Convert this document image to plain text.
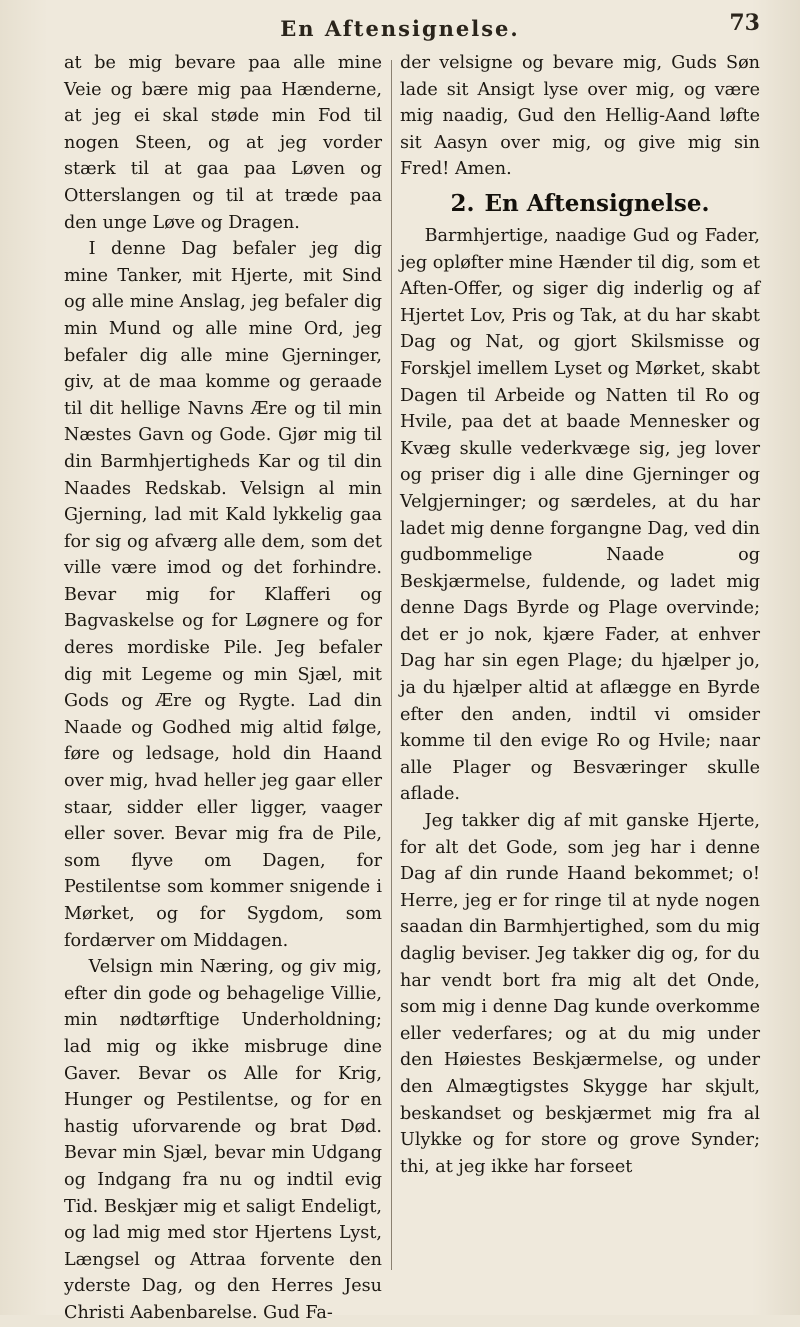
En Aftensignelse.	73

at be mig bevare paa alle mine Veie og bære mig paa Hænderne, at jeg ei skal støde min Fod til nogen Steen, og at jeg vorder stærk til at gaa paa Løven og Otterslangen og til at træde paa den unge Løve og Dragen.

I denne Dag befaler jeg dig mine Tanker, mit Hjerte, mit Sind og alle mine Anslag, jeg befaler dig min Mund og alle mine Ord, jeg befaler dig alle mine Gjerninger, giv, at de maa komme og geraade til dit hellige Navns Ære og til min Næstes Gavn og Gode. Gjør mig til din Barmhjertigheds Kar og til din Naades Redskab. Velsign al min Gjerning, lad mit Kald lykkelig gaa for sig og afværg alle dem, som det ville være imod og det forhindre. Bevar mig for Klafferi og Bagvaskelse og for Løgnere og for deres mordiske Pile. Jeg befaler dig mit Legeme og min Sjæl, mit Gods og Ære og Rygte. Lad din Naade og Godhed mig altid følge, føre og ledsage, hold din Haand over mig, hvad heller jeg gaar eller staar, sidder eller ligger, vaager eller sover. Bevar mig fra de Pile, som flyve om Dagen, for Pestilentse som kommer snigende i Mørket, og for Sygdom, som fordærver om Middagen.

Velsign min Næring, og giv mig, efter din gode og behagelige Villie, min nødtørftige Underholdning; lad mig og ikke misbruge dine Gaver. Bevar os Alle for Krig, Hunger og Pestilentse, og for en hastig uforvarende og brat Død. Bevar min Sjæl, bevar min Udgang og Indgang fra nu og indtil evig Tid. Beskjær mig et saligt Endeligt, og lad mig med stor Hjertens Lyst, Længsel og Attraa forvente den yderste Dag, og den Herres Jesu Christi Aabenbarelse. Gud Fa-

der velsigne og bevare mig, Guds Søn lade sit Ansigt lyse over mig, og være mig naadig, Gud den Hellig-Aand løfte sit Aasyn over mig, og give mig sin Fred! Amen.

2. En Aftensignelse.

Barmhjertige, naadige Gud og Fader, jeg opløfter mine Hænder til dig, som et Aften-Offer, og siger dig inderlig og af Hjertet Lov, Pris og Tak, at du har skabt Dag og Nat, og gjort Skilsmisse og Forskjel imellem Lyset og Mørket, skabt Dagen til Arbeide og Natten til Ro og Hvile, paa det at baade Mennesker og Kvæg skulle vederkvæge sig, jeg lover og priser dig i alle dine Gjerninger og Velgjerninger; og særdeles, at du har ladet mig denne forgangne Dag, ved din gudbommelige Naade og Beskjærmelse, fuldende, og ladet mig denne Dags Byrde og Plage overvinde; det er jo nok, kjære Fader, at enhver Dag har sin egen Plage; du hjælper jo, ja du hjælper altid at aflægge en Byrde efter den anden, indtil vi omsider komme til den evige Ro og Hvile; naar alle Plager og Besværinger skulle aflade.

Jeg takker dig af mit ganske Hjerte, for alt det Gode, som jeg har i denne Dag af din runde Haand bekommet; o! Herre, jeg er for ringe til at nyde nogen saadan din Barmhjertighed, som du mig daglig beviser. Jeg takker dig og, for du har vendt bort fra mig alt det Onde, som mig i denne Dag kunde overkomme eller vederfares; og at du mig under den Høiestes Beskjærmelse, og under den Almægtigstes Skygge har skjult, beskandset og beskjærmet mig fra al Ulykke og for store og grove Synder; thi, at jeg ikke har forseet
